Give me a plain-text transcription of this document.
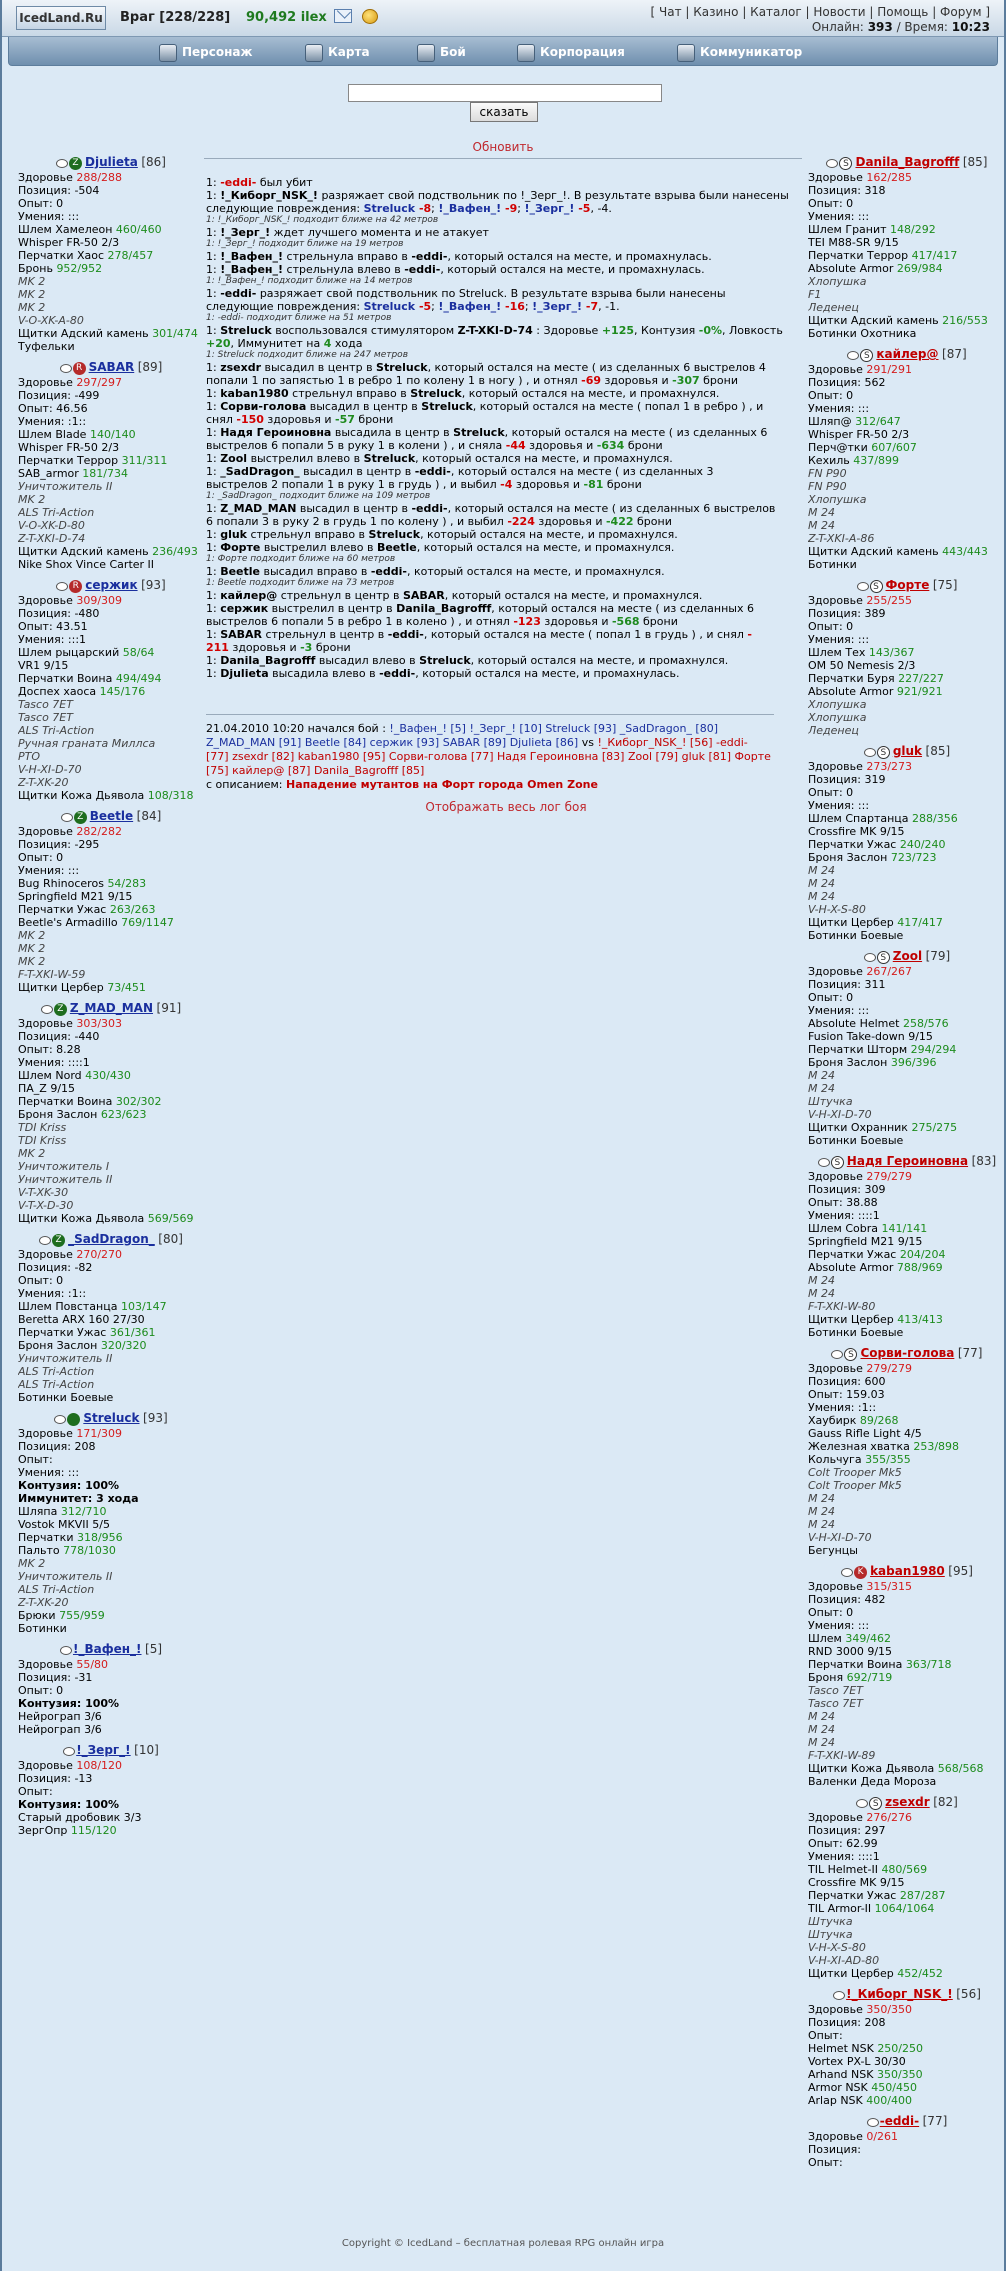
IcedLand.Ru Враг [228/228] 90,492 ilex	[ Чат | Казино | Каталог | Новости | Помощь | Форум ]
Онлайн: 393 / Время: 10:23
Персонаж	Карта	Бой	Корпорация	Коммуникатор
сказать
Обновить
Z Djulieta [86]
Здоровье 288/288
Позиция: -504
Опыт: 0
Умения: :::
Шлем Хамелеон 460/460
Whisper FR-50 2/3
Перчатки Хаос 278/457
Бронь 952/952
MK 2
MK 2
MK 2
V-O-XK-A-80
Щитки Адский камень 301/474
Туфельки
R SABAR [89]
Здоровье 297/297
Позиция: -499
Опыт: 46.56
Умения: :1::
Шлем Blade 140/140
Whisper FR-50 2/3
Перчатки Террор 311/311
SAB_armor 181/734
Уничтожитель II
MK 2
ALS Tri-Action
V-O-XK-D-80
Z-T-XKI-D-74
Щитки Адский камень 236/493
Nike Shox Vince Carter II
R сержик [93]
Здоровье 309/309
Позиция: -480
Опыт: 43.51
Умения: :::1
Шлем рыцарский 58/64
VR1 9/15
Перчатки Воина 494/494
Доспех хаоса 145/176
Tasco 7ET
Tasco 7ET
ALS Tri-Action
Ручная граната Миллса
PTO
V-H-XI-D-70
Z-T-XK-20
Щитки Кожа Дьявола 108/318
Z Beetle [84]
Здоровье 282/282
Позиция: -295
Опыт: 0
Умения: :::
Bug Rhinoceros 54/283
Springfield M21 9/15
Перчатки Ужас 263/263
Beetle's Armadillo 769/1147
MK 2
MK 2
MK 2
F-T-XKI-W-59
Щитки Цербер 73/451
Z Z_MAD_MAN [91]
Здоровье 303/303
Позиция: -440
Опыт: 8.28
Умения: ::::1
Шлем Nord 430/430
ПА_Z 9/15
Перчатки Воина 302/302
Броня Заслон 623/623
TDI Kriss
TDI Kriss
MK 2
Уничтожитель I
Уничтожитель II
V-T-XK-30
V-T-X-D-30
Щитки Кожа Дьявола 569/569
Z _SadDragon_ [80]
Здоровье 270/270
Позиция: -82
Опыт: 0
Умения: :1::
Шлем Повстанца 103/147
Beretta ARX 160 27/30
Перчатки Ужас 361/361
Броня Заслон 320/320
Уничтожитель II
ALS Tri-Action
ALS Tri-Action
Ботинки Боевые
Streluck [93]
Здоровье 171/309
Позиция: 208
Опыт:
Умения: :::
Контузия: 100%
Иммунитет: 3 хода
Шляпа 312/710
Vostok MKVII 5/5
Перчатки 318/956
Пальто 778/1030
MK 2
Уничтожитель II
ALS Tri-Action
Z-T-XK-20
Брюки 755/959
Ботинки
!_Вафен_! [5]
Здоровье 55/80
Позиция: -31
Опыт: 0
Контузия: 100%
Нейрограп 3/6
Нейрограп 3/6
!_Зерг_! [10]
Здоровье 108/120
Позиция: -13
Опыт:
Контузия: 100%
Старый дробовик 3/3
ЗергОпр 115/120
S Danila_Bagrofff [85]
Здоровье 162/285
Позиция: 318
Опыт: 0
Умения: :::
Шлем Гранит 148/292
TEI M88-SR 9/15
Перчатки Террор 417/417
Absolute Armor 269/984
Хлопушка
F1
Леденец
Щитки Адский камень 216/553
Ботинки Охотника
S кайлер@ [87]
Здоровье 291/291
Позиция: 562
Опыт: 0
Умения: :::
Шляп@ 312/647
Whisper FR-50 2/3
Перч@тки 607/607
Кехиль 437/899
FN P90
FN P90
Хлопушка
M 24
M 24
Z-T-XKI-A-86
Щитки Адский камень 443/443
Ботинки
S Форте [75]
Здоровье 255/255
Позиция: 389
Опыт: 0
Умения: :::
Шлем Тех 143/367
OM 50 Nemesis 2/3
Перчатки Буря 227/227
Absolute Armor 921/921
Хлопушка
Хлопушка
Леденец
S gluk [85]
Здоровье 273/273
Позиция: 319
Опыт: 0
Умения: :::
Шлем Спартанца 288/356
Crossfire MK 9/15
Перчатки Ужас 240/240
Броня Заслон 723/723
M 24
M 24
M 24
V-H-X-S-80
Щитки Цербер 417/417
Ботинки Боевые
S Zool [79]
Здоровье 267/267
Позиция: 311
Опыт: 0
Умения: :::
Absolute Helmet 258/576
Fusion Take-down 9/15
Перчатки Шторм 294/294
Броня Заслон 396/396
M 24
M 24
Штучка
V-H-XI-D-70
Щитки Охранник 275/275
Ботинки Боевые
S Надя Героиновна [83]
Здоровье 279/279
Позиция: 309
Опыт: 38.88
Умения: ::::1
Шлем Cobra 141/141
Springfield M21 9/15
Перчатки Ужас 204/204
Absolute Armor 788/969
M 24
M 24
F-T-XKI-W-80
Щитки Цербер 413/413
Ботинки Боевые
S Сорви-голова [77]
Здоровье 279/279
Позиция: 600
Опыт: 159.03
Умения: :1::
Хаубирк 89/268
Gauss Rifle Light 4/5
Железная хватка 253/898
Кольчуга 355/355
Colt Trooper Mk5
Colt Trooper Mk5
M 24
M 24
M 24
V-H-XI-D-70
Бегунцы
K kaban1980 [95]
Здоровье 315/315
Позиция: 482
Опыт: 0
Умения: :::
Шлем 349/462
RND 3000 9/15
Перчатки Воина 363/718
Броня 692/719
Tasco 7ET
Tasco 7ET
M 24
M 24
M 24
F-T-XKI-W-89
Щитки Кожа Дьявола 568/568
Валенки Деда Мороза
S zsexdr [82]
Здоровье 276/276
Позиция: 297
Опыт: 62.99
Умения: ::::1
TIL Helmet-II 480/569
Crossfire MK 9/15
Перчатки Ужас 287/287
TIL Armor-II 1064/1064
Штучка
Штучка
V-H-X-S-80
V-H-XI-AD-80
Щитки Цербер 452/452
!_Киборг_NSK_! [56]
Здоровье 350/350
Позиция: 208
Опыт:
Helmet NSK 250/250
Vortex PX-L 30/30
Arhand NSK 350/350
Armor NSK 450/450
Arlap NSK 400/400
-eddi- [77]
Здоровье 0/261
Позиция:
Опыт:
1: -eddi- был убит
1: !_Киборг_NSK_! разряжает свой подствольник по !_Зерг_!. В результате взрыва были нанесены
следующие повреждения: Streluck -8; !_Вафен_! -9; !_Зерг_! -5, -4.
1: !_Киборг_NSK_! подходит ближе на 42 метров
1: !_Зерг_! ждет лучшего момента и не атакует
1: !_Зерг_! подходит ближе на 19 метров
1: !_Вафен_! стрельнула вправо в -eddi-, который остался на месте, и промахнулась.
1: !_Вафен_! стрельнула влево в -eddi-, который остался на месте, и промахнулась.
1: !_Вафен_! подходит ближе на 14 метров
1: -eddi- разряжает свой подствольник по Streluck. В результате взрыва были нанесены
следующие повреждения: Streluck -5; !_Вафен_! -16; !_Зерг_! -7, -1.
1: -eddi- подходит ближе на 51 метров
1: Streluck воспользовался стимулятором Z-T-XKI-D-74 : Здоровье +125, Контузия -0%, Ловкость
+20, Иммунитет на 4 хода
1: Streluck подходит ближе на 247 метров
1: zsexdr высадил в центр в Streluck, который остался на месте ( из сделанных 6 выстрелов 4
попали 1 по запястью 1 в ребро 1 по колену 1 в ногу ) , и отнял -69 здоровья и -307 брони
1: kaban1980 стрельнул вправо в Streluck, который остался на месте, и промахнулся.
1: Сорви-голова высадил в центр в Streluck, который остался на месте ( попал 1 в ребро ) , и
снял -150 здоровья и -57 брони
1: Надя Героиновна высадила в центр в Streluck, который остался на месте ( из сделанных 6
выстрелов 6 попали 5 в руку 1 в колени ) , и сняла -44 здоровья и -634 брони
1: Zool выстрелил влево в Streluck, который остался на месте, и промахнулся.
1: _SadDragon_ высадил в центр в -eddi-, который остался на месте ( из сделанных 3
выстрелов 2 попали 1 в руку 1 в грудь ) , и выбил -4 здоровья и -81 брони
1: _SadDragon_ подходит ближе на 109 метров
1: Z_MAD_MAN высадил в центр в -eddi-, который остался на месте ( из сделанных 6 выстрелов
6 попали 3 в руку 2 в грудь 1 по колену ) , и выбил -224 здоровья и -422 брони
1: gluk стрельнул вправо в Streluck, который остался на месте, и промахнулся.
1: Форте выстрелил влево в Beetle, который остался на месте, и промахнулся.
1: Форте подходит ближе на 60 метров
1: Beetle высадил вправо в -eddi-, который остался на месте, и промахнулся.
1: Beetle подходит ближе на 73 метров
1: кайлер@ стрельнул в центр в SABAR, который остался на месте, и промахнулся.
1: сержик выстрелил в центр в Danila_Bagrofff, который остался на месте ( из сделанных 6
выстрелов 6 попали 5 в ребро 1 в колено ) , и отнял -123 здоровья и -568 брони
1: SABAR стрельнул в центр в -eddi-, который остался на месте ( попал 1 в грудь ) , и снял -
211 здоровья и -3 брони
1: Danila_Bagrofff высадил влево в Streluck, который остался на месте, и промахнулся.
1: Djulieta высадила влево в -eddi-, который остался на месте, и промахнулась.
21.04.2010 10:20 начался бой : !_Вафен_! [5] !_Зерг_! [10] Streluck [93] _SadDragon_ [80]
Z_MAD_MAN [91] Beetle [84] сержик [93] SABAR [89] Djulieta [86] vs !_Киборг_NSK_! [56] -eddi-
[77] zsexdr [82] kaban1980 [95] Сорви-голова [77] Надя Героиновна [83] Zool [79] gluk [81] Форте
[75] кайлер@ [87] Danila_Bagrofff [85]
с описанием: Нападение мутантов на Форт города Omen Zone
Отображать весь лог боя
Copyright © IcedLand – бесплатная ролевая RPG онлайн игра
